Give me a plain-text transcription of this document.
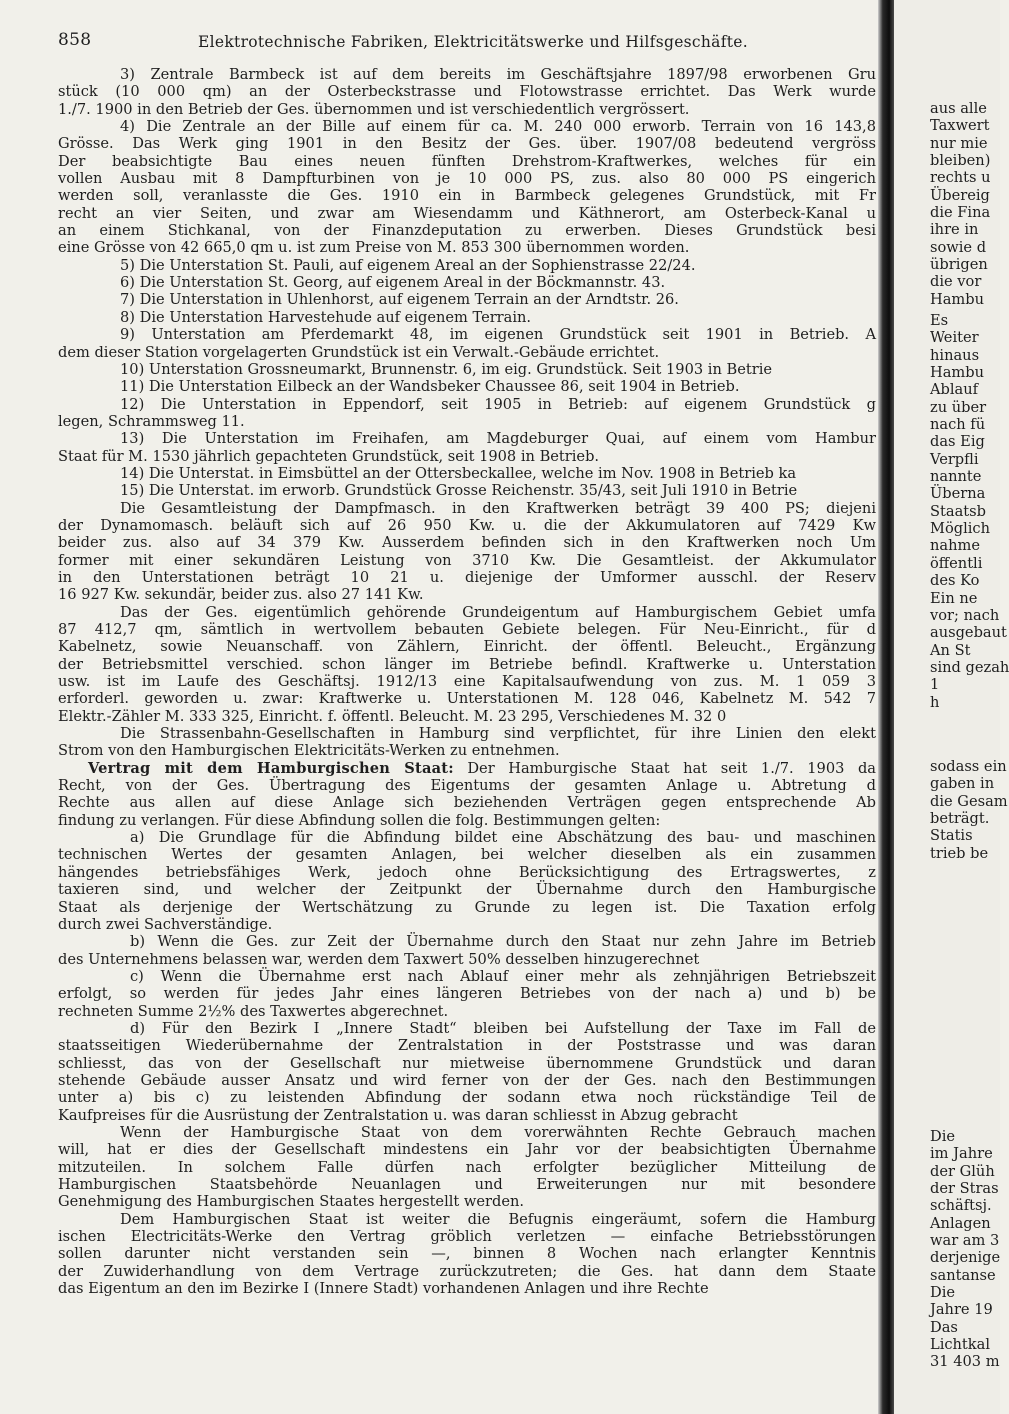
858	Elektrotechnische Fabriken, Elektricitätswerke und Hilfsgeschäfte.
3) Zentrale Barmbeck ist auf dem bereits im Geschäftsjahre 1897/98 erworbenen Gru
stück (10 000 qm) an der Osterbeckstrasse und Flotowstrasse errichtet. Das Werk wurde
1./7. 1900 in den Betrieb der Ges. übernommen und ist verschiedentlich vergrössert.
4) Die Zentrale an der Bille auf einem für ca. M. 240 000 erworb. Terrain von 16 143,8
Grösse. Das Werk ging 1901 in den Besitz der Ges. über. 1907/08 bedeutend vergröss
Der beabsichtigte Bau eines neuen fünften Drehstrom-Kraftwerkes, welches für ein
vollen Ausbau mit 8 Dampfturbinen von je 10 000 PS, zus. also 80 000 PS eingerich
werden soll, veranlasste die Ges. 1910 ein in Barmbeck gelegenes Grundstück, mit Fr
recht an vier Seiten, und zwar am Wiesendamm und Käthnerort, am Osterbeck-Kanal u
an einem Stichkanal, von der Finanzdeputation zu erwerben. Dieses Grundstück besi
eine Grösse von 42 665,0 qm u. ist zum Preise von M. 853 300 übernommen worden.
5) Die Unterstation St. Pauli, auf eigenem Areal an der Sophienstrasse 22/24.
6) Die Unterstation St. Georg, auf eigenem Areal in der Böckmannstr. 43.
7) Die Unterstation in Uhlenhorst, auf eigenem Terrain an der Arndtstr. 26.
8) Die Unterstation Harvestehude auf eigenem Terrain.
9) Unterstation am Pferdemarkt 48, im eigenen Grundstück seit 1901 in Betrieb. A
dem dieser Station vorgelagerten Grundstück ist ein Verwalt.-Gebäude errichtet.
10) Unterstation Grossneumarkt, Brunnenstr. 6, im eig. Grundstück. Seit 1903 in Betrie
11) Die Unterstation Eilbeck an der Wandsbeker Chaussee 86, seit 1904 in Betrieb.
12) Die Unterstation in Eppendorf, seit 1905 in Betrieb: auf eigenem Grundstück g
legen, Schrammsweg 11.
13) Die Unterstation im Freihafen, am Magdeburger Quai, auf einem vom Hambur
Staat für M. 1530 jährlich gepachteten Grundstück, seit 1908 in Betrieb.
14) Die Unterstat. in Eimsbüttel an der Ottersbeckallee, welche im Nov. 1908 in Betrieb ka
15) Die Unterstat. im erworb. Grundstück Grosse Reichenstr. 35/43, seit Juli 1910 in Betrie
Die Gesamtleistung der Dampfmasch. in den Kraftwerken beträgt 39 400 PS; diejeni
der Dynamomasch. beläuft sich auf 26 950 Kw. u. die der Akkumulatoren auf 7429 Kw
beider zus. also auf 34 379 Kw. Ausserdem befinden sich in den Kraftwerken noch Um
former mit einer sekundären Leistung von 3710 Kw. Die Gesamtleist. der Akkumulator
in den Unterstationen beträgt 10 21 u. diejenige der Umformer ausschl. der Reserv
16 927 Kw. sekundär, beider zus. also 27 141 Kw.
Das der Ges. eigentümlich gehörende Grundeigentum auf Hamburgischem Gebiet umfa
87 412,7 qm, sämtlich in wertvollem bebauten Gebiete belegen. Für Neu-Einricht., für d
Kabelnetz, sowie Neuanschaff. von Zählern, Einricht. der öffentl. Beleucht., Ergänzung
der Betriebsmittel verschied. schon länger im Betriebe befindl. Kraftwerke u. Unterstation
usw. ist im Laufe des Geschäftsj. 1912/13 eine Kapitalsaufwendung von zus. M. 1 059 3
erforderl. geworden u. zwar: Kraftwerke u. Unterstationen M. 128 046, Kabelnetz M. 542 7
Elektr.-Zähler M. 333 325, Einricht. f. öffentl. Beleucht. M. 23 295, Verschiedenes M. 32 0
Die Strassenbahn-Gesellschaften in Hamburg sind verpflichtet, für ihre Linien den elekt
Strom von den Hamburgischen Elektricitäts-Werken zu entnehmen.
Vertrag mit dem Hamburgischen Staat: Der Hamburgische Staat hat seit 1./7. 1903 da
Recht, von der Ges. Übertragung des Eigentums der gesamten Anlage u. Abtretung d
Rechte aus allen auf diese Anlage sich beziehenden Verträgen gegen entsprechende Ab
findung zu verlangen. Für diese Abfindung sollen die folg. Bestimmungen gelten:
a) Die Grundlage für die Abfindung bildet eine Abschätzung des bau- und maschinen
technischen Wertes der gesamten Anlagen, bei welcher dieselben als ein zusammen
hängendes betriebsfähiges Werk, jedoch ohne Berücksichtigung des Ertragswertes, z
taxieren sind, und welcher der Zeitpunkt der Übernahme durch den Hamburgische
Staat als derjenige der Wertschätzung zu Grunde zu legen ist. Die Taxation erfolg
durch zwei Sachverständige.
b) Wenn die Ges. zur Zeit der Übernahme durch den Staat nur zehn Jahre im Betrieb
des Unternehmens belassen war, werden dem Taxwert 50% desselben hinzugerechnet
c) Wenn die Übernahme erst nach Ablauf einer mehr als zehnjährigen Betriebszeit
erfolgt, so werden für jedes Jahr eines längeren Betriebes von der nach a) und b) be
rechneten Summe 2½% des Taxwertes abgerechnet.
d) Für den Bezirk I „Innere Stadt“ bleiben bei Aufstellung der Taxe im Fall de
staatsseitigen Wiederübernahme der Zentralstation in der Poststrasse und was daran
schliesst, das von der Gesellschaft nur mietweise übernommene Grundstück und daran
stehende Gebäude ausser Ansatz und wird ferner von der der Ges. nach den Bestimmungen
unter a) bis c) zu leistenden Abfindung der sodann etwa noch rückständige Teil de
Kaufpreises für die Ausrüstung der Zentralstation u. was daran schliesst in Abzug gebracht
Wenn der Hamburgische Staat von dem vorerwähnten Rechte Gebrauch machen
will, hat er dies der Gesellschaft mindestens ein Jahr vor der beabsichtigten Übernahme
mitzuteilen. In solchem Falle dürfen nach erfolgter bezüglicher Mitteilung de
Hamburgischen Staatsbehörde Neuanlagen und Erweiterungen nur mit besondere
Genehmigung des Hamburgischen Staates hergestellt werden.
Dem Hamburgischen Staat ist weiter die Befugnis eingeräumt, sofern die Hamburg
ischen Electricitäts-Werke den Vertrag gröblich verletzen — einfache Betriebsstörungen
sollen darunter nicht verstanden sein —, binnen 8 Wochen nach erlangter Kenntnis
der Zuwiderhandlung von dem Vertrage zurückzutreten; die Ges. hat dann dem Staate
das Eigentum an den im Bezirke I (Innere Stadt) vorhandenen Anlagen und ihre Rechte
aus alle
Taxwert
nur mie
bleiben)
rechts u
Übereig
die Fina
ihre in
sowie d
übrigen
die vor
Hambu
Es
Weiter
hinaus
Hambu
Ablauf
zu über
nach fü
das Eig
Verpfli
nannte
Überna
Staatsb
Möglich
nahme
öffentli
des Ko
Ein ne
vor; nach
ausgebaut
An St
sind gezah
1
h
sodass ein
gaben in
die Gesam
beträgt.
Statis
trieb be
Die
im Jahre
der Glüh
der Stras
schäftsj.
Anlagen
war am 3
derjenige
santanse
Die
Jahre 19
Das
Lichtkal
31 403 m
